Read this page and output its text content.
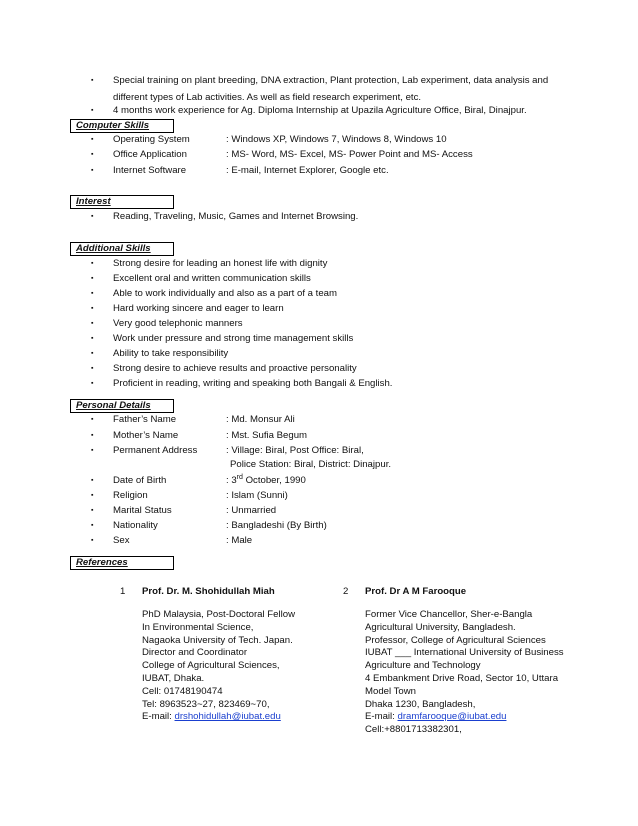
▪ Special training on plant breeding, DNA extraction, Plant protection, Lab experiment, data analysis and
different types of Lab activities. As well as field research experiment, etc.
▪ 4 months work experience for Ag. Diploma Internship at Upazila Agriculture Office, Biral, Dinajpur.
Computer Skills
▪ Operating System	: Windows XP, Windows 7, Windows 8, Windows 10
▪ Office Application	: MS- Word, MS- Excel, MS- Power Point and MS- Access
▪ Internet Software	: E-mail, Internet Explorer, Google etc.
Interest
▪ Reading, Traveling, Music, Games and Internet Browsing.
Additional Skills
▪ Strong desire for leading an honest life with dignity
▪ Excellent oral and written communication skills
▪ Able to work individually and also as a part of a team
▪ Hard working sincere and eager to learn
▪ Very good telephonic manners
▪ Work under pressure and strong time management skills
▪ Ability to take responsibility
▪ Strong desire to achieve results and proactive personality
▪ Proficient in reading, writing and speaking both Bangali & English.
Personal Details
▪ Father’s Name	: Md. Monsur Ali
▪ Mother’s Name	: Mst. Sufia Begum
▪ Permanent Address	: Village: Biral, Post Office: Biral,
Police Station: Biral, District: Dinajpur.
▪ Date of Birth	: 3rd October, 1990
▪ Religion	: Islam (Sunni)
▪ Marital Status	: Unmarried
▪ Nationality	: Bangladeshi (By Birth)
▪ Sex	: Male
References
1 Prof. Dr. M. Shohidullah Miah
PhD Malaysia, Post-Doctoral Fellow
In Environmental Science,
Nagaoka University of Tech. Japan.
Director and Coordinator
College of Agricultural Sciences,
IUBAT, Dhaka.
Cell: 01748190474
Tel: 8963523~27, 823469~70,
E-mail: drshohidullah@iubat.edu
2 Prof. Dr A M Farooque
Former Vice Chancellor, Sher-e-Bangla
Agricultural University, Bangladesh.
Professor, College of Agricultural Sciences
IUBAT ___ International University of Business
Agriculture and Technology
4 Embankment Drive Road, Sector 10, Uttara
Model Town
Dhaka 1230, Bangladesh,
E-mail: dramfarooque@iubat.edu
Cell:+8801713382301,
